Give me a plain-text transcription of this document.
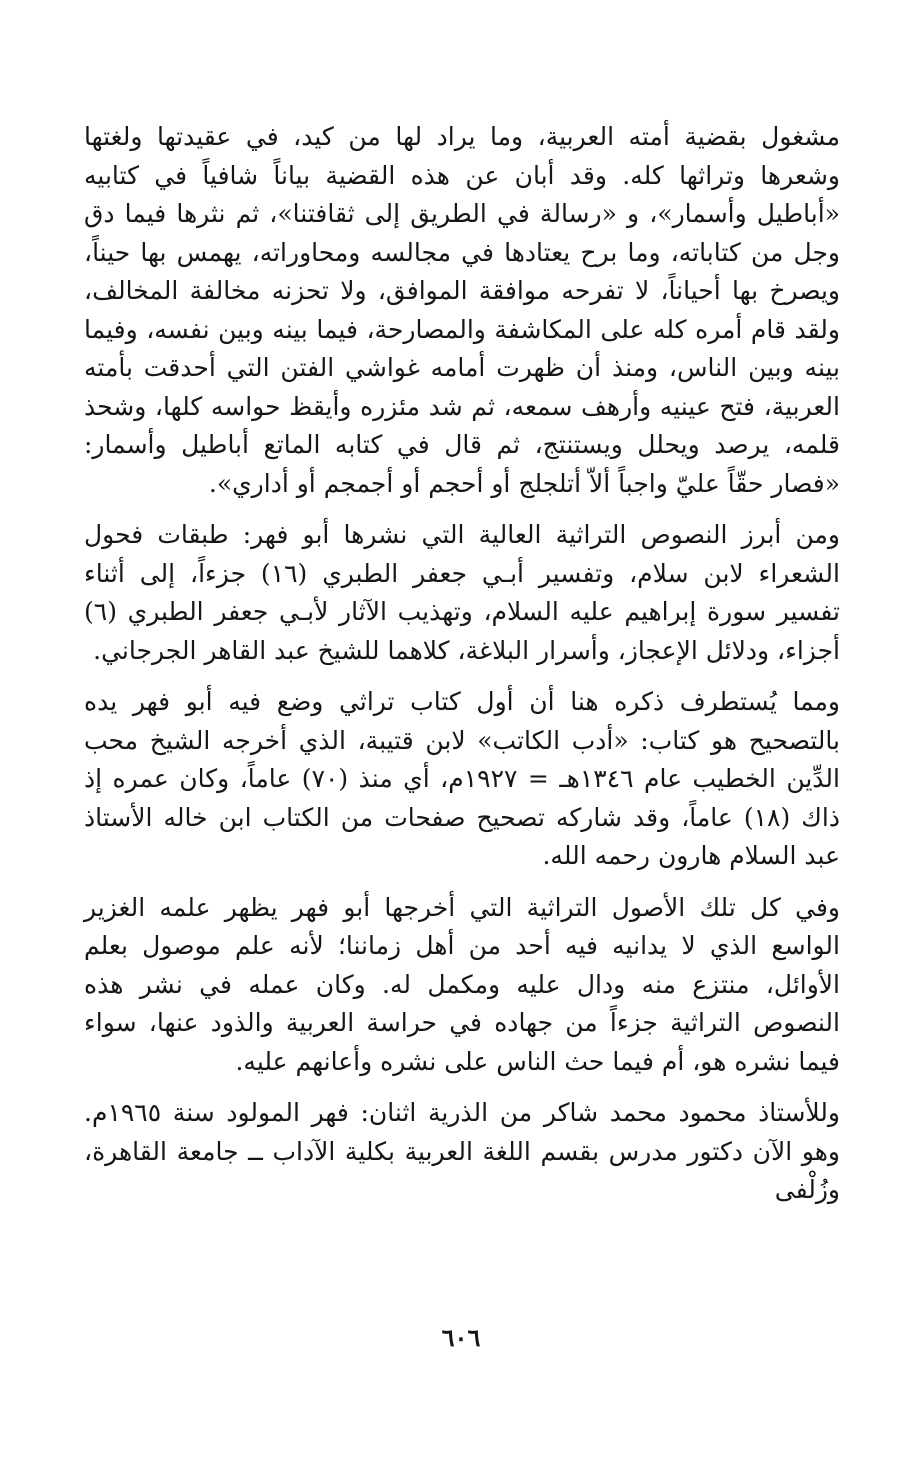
مشغول بقضية أمته العربية، وما يراد لها من كيد، في عقيدتها ولغتها وشعرها وتراثها كله. وقد أبان عن هذه القضية بياناً شافياً في كتابيه «أباطيل وأسمار»، و «رسالة في الطريق إلى ثقافتنا»، ثم نثرها فيما دق وجل من كتاباته، وما برح يعتادها في مجالسه ومحاوراته، يهمس بها حيناً، ويصرخ بها أحياناً، لا تفرحه موافقة الموافق، ولا تحزنه مخالفة المخالف، ولقد قام أمره كله على المكاشفة والمصارحة، فيما بينه وبين نفسه، وفيما بينه وبين الناس، ومنذ أن ظهرت أمامه غواشي الفتن التي أحدقت بأمته العربية، فتح عينيه وأرهف سمعه، ثم شد مئزره وأيقظ حواسه كلها، وشحذ قلمه، يرصد ويحلل ويستنتج، ثم قال في كتابه الماتع أباطيل وأسمار: «فصار حقّاً عليّ واجباً ألاّ أتلجلج أو أحجم أو أجمجم أو أداري».

ومن أبرز النصوص التراثية العالية التي نشرها أبو فهر: طبقات فحول الشعراء لابن سلام، وتفسير أبـي جعفر الطبري (١٦) جزءاً، إلى أثناء تفسير سورة إبراهيم عليه السلام، وتهذيب الآثار لأبـي جعفر الطبري (٦) أجزاء، ودلائل الإعجاز، وأسرار البلاغة، كلاهما للشيخ عبد القاهر الجرجاني.

ومما يُستطرف ذكره هنا أن أول كتاب تراثي وضع فيه أبو فهر يده بالتصحيح هو كتاب: «أدب الكاتب» لابن قتيبة، الذي أخرجه الشيخ محب الدِّين الخطيب عام ١٣٤٦هـ = ١٩٢٧م، أي منذ (٧٠) عاماً، وكان عمره إذ ذاك (١٨) عاماً، وقد شاركه تصحيح صفحات من الكتاب ابن خاله الأستاذ عبد السلام هارون رحمه الله.

وفي كل تلك الأصول التراثية التي أخرجها أبو فهر يظهر علمه الغزير الواسع الذي لا يدانيه فيه أحد من أهل زماننا؛ لأنه علم موصول بعلم الأوائل، منتزع منه ودال عليه ومكمل له. وكان عمله في نشر هذه النصوص التراثية جزءاً من جهاده في حراسة العربية والذود عنها، سواء فيما نشره هو، أم فيما حث الناس على نشره وأعانهم عليه.

وللأستاذ محمود محمد شاكر من الذرية اثنان: فهر المولود سنة ١٩٦٥م. وهو الآن دكتور مدرس بقسم اللغة العربية بكلية الآداب ــ جامعة القاهرة، وزُلْفى

٦٠٦
